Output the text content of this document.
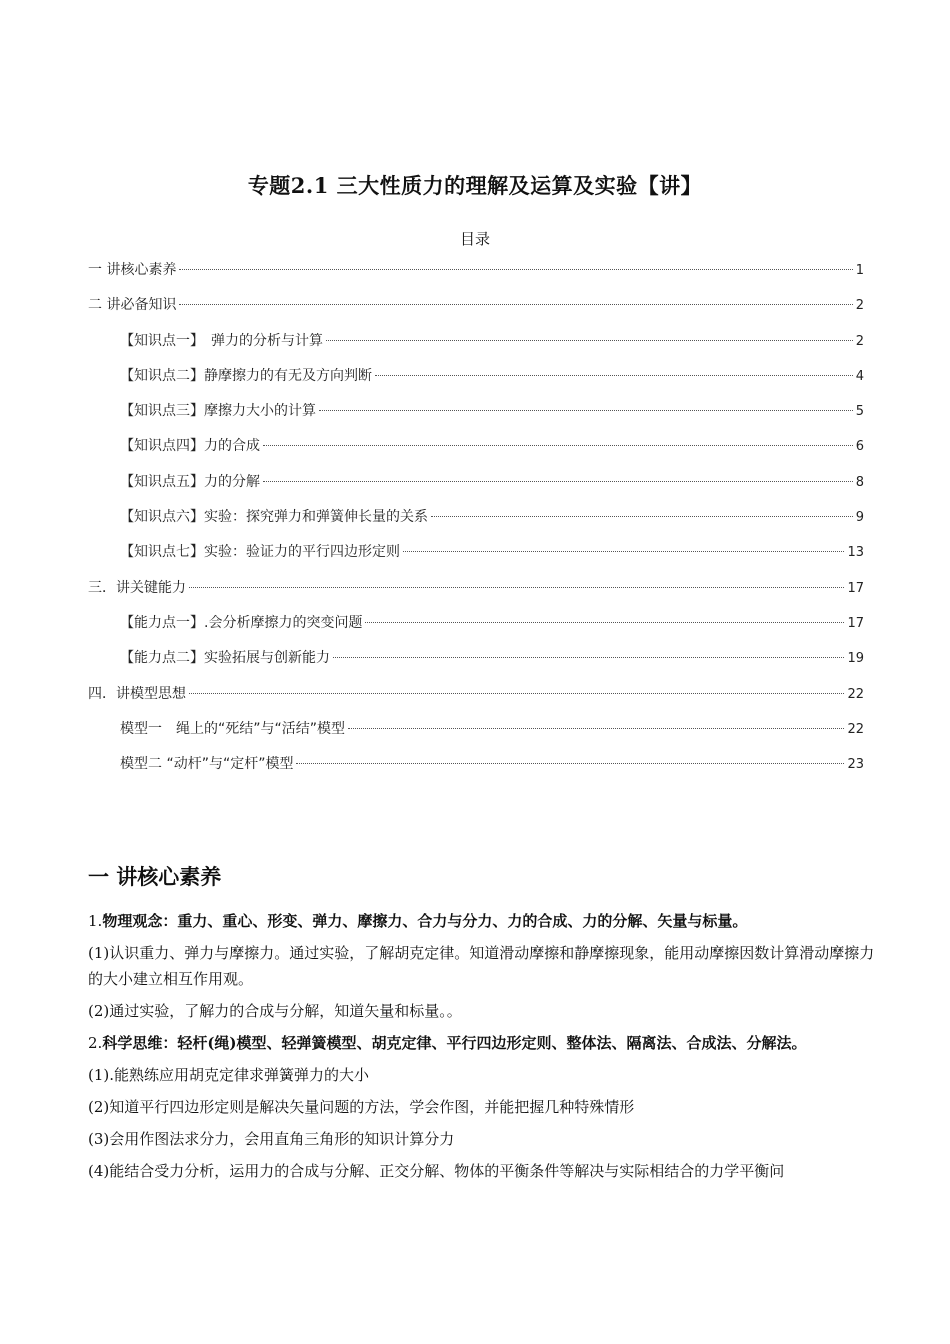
专题2.1 三大性质力的理解及运算及实验【讲】
目录
一 讲核心素养	1
二 讲必备知识	2
【知识点一】　弹力的分析与计算	2
【知识点二】静摩擦力的有无及方向判断	4
【知识点三】摩擦力大小的计算	5
【知识点四】力的合成	6
【知识点五】力的分解	8
【知识点六】实验：探究弹力和弹簧伸长量的关系	9
【知识点七】实验：验证力的平行四边形定则	13
三．讲关键能力	17
【能力点一】.会分析摩擦力的突变问题	17
【能力点二】实验拓展与创新能力	19
四．讲模型思想	22
模型一　绳上的“死结”与“活结”模型	22
模型二 “动杆”与“定杆”模型	23
一 讲核心素养

1.物理观念：重力、重心、形变、弹力、摩擦力、合力与分力、力的合成、力的分解、矢量与标量。

(1)认识重力、弹力与摩擦力。通过实验，了解胡克定律。知道滑动摩擦和静摩擦现象，能用动摩擦因数计算滑动摩擦力的大小建立相互作用观。

(2)通过实验，了解力的合成与分解，知道矢量和标量。。

2.科学思维：轻杆(绳)模型、轻弹簧模型、胡克定律、平行四边形定则、整体法、隔离法、合成法、分解法。

(1).能熟练应用胡克定律求弹簧弹力的大小

(2)知道平行四边形定则是解决矢量问题的方法，学会作图，并能把握几种特殊情形

(3)会用作图法求分力，会用直角三角形的知识计算分力

(4)能结合受力分析，运用力的合成与分解、正交分解、物体的平衡条件等解决与实际相结合的力学平衡问
